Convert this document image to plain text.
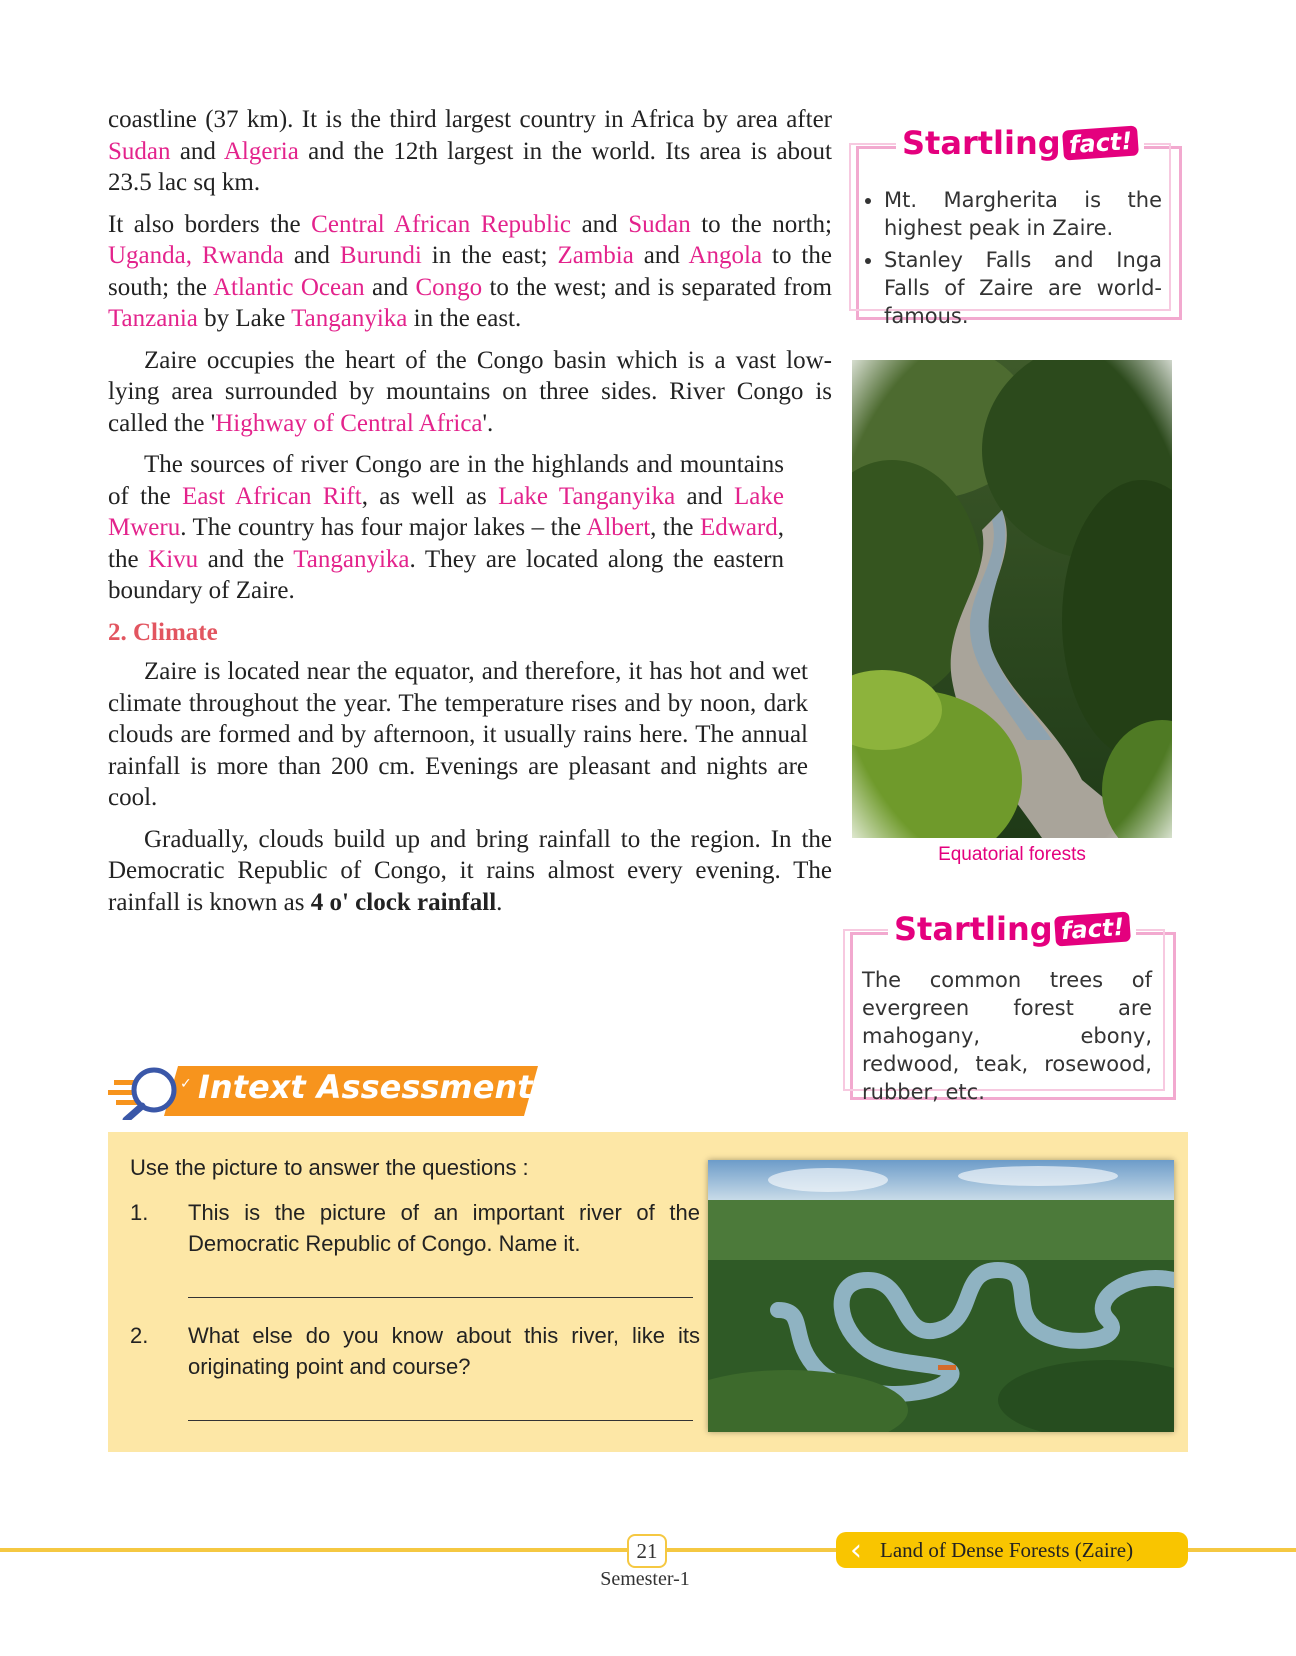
coastline (37 km). It is the third largest country in Africa by area after Sudan and Algeria and the 12th largest in the world. Its area is about 23.5 lac sq km.

It also borders the Central African Republic and Sudan to the north; Uganda, Rwanda and Burundi in the east; Zambia and Angola to the south; the Atlantic Ocean and Congo to the west; and is separated from Tanzania by Lake Tanganyika in the east.

Zaire occupies the heart of the Congo basin which is a vast low-lying area surrounded by mountains on three sides. River Congo is called the 'Highway of Central Africa'.

The sources of river Congo are in the highlands and mountains of the East African Rift, as well as Lake Tanganyika and Lake Mweru. The country has four major lakes – the Albert, the Edward, the Kivu and the Tanganyika. They are located along the eastern boundary of Zaire.

2. Climate

Zaire is located near the equator, and therefore, it has hot and wet climate throughout the year. The temperature rises and by noon, dark clouds are formed and by afternoon, it usually rains here. The annual rainfall is more than 200 cm. Evenings are pleasant and nights are cool.

Gradually, clouds build up and bring rainfall to the region. In the Democratic Republic of Congo, it rains almost every evening. The rainfall is known as 4 o' clock rainfall.

Startling fact!
• Mt. Margherita is the highest peak in Zaire.
• Stanley Falls and Inga Falls of Zaire are world-famous.
Equatorial forests
Startling fact!
The common trees of evergreen forest are mahogany, ebony, redwood, teak, rosewood, rubber, etc.
✓ Intext Assessment
Use the picture to answer the questions :
1.	This is the picture of an important river of the Democratic Republic of Congo. Name it.
2.	What else do you know about this river, like its originating point and course?
21
Semester-1
‹ Land of Dense Forests (Zaire)
